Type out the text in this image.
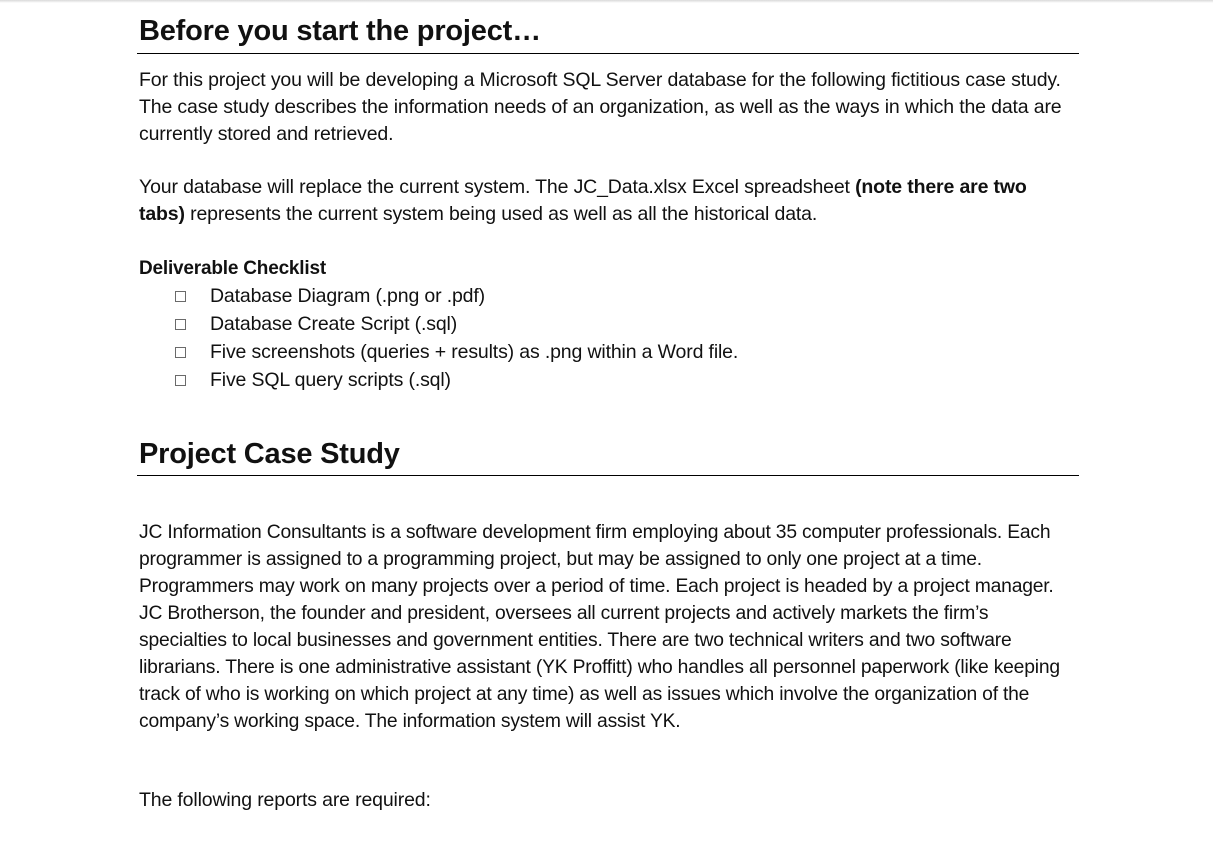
Before you start the project…

For this project you will be developing a Microsoft SQL Server database for the following fictitious case study. The case study describes the information needs of an organization, as well as the ways in which the data are currently stored and retrieved.

Your database will replace the current system. The JC_Data.xlsx Excel spreadsheet (note there are two tabs) represents the current system being used as well as all the historical data.

Deliverable Checklist
Database Diagram (.png or .pdf)
Database Create Script (.sql)
Five screenshots (queries + results) as .png within a Word file.
Five SQL query scripts (.sql)
Project Case Study

JC Information Consultants is a software development firm employing about 35 computer professionals. Each programmer is assigned to a programming project, but may be assigned to only one project at a time. Programmers may work on many projects over a period of time. Each project is headed by a project manager. JC Brotherson, the founder and president, oversees all current projects and actively markets the firm’s specialties to local businesses and government entities. There are two technical writers and two software librarians. There is one administrative assistant (YK Proffitt) who handles all personnel paperwork (like keeping track of who is working on which project at any time) as well as issues which involve the organization of the company’s working space. The information system will assist YK.

The following reports are required:
